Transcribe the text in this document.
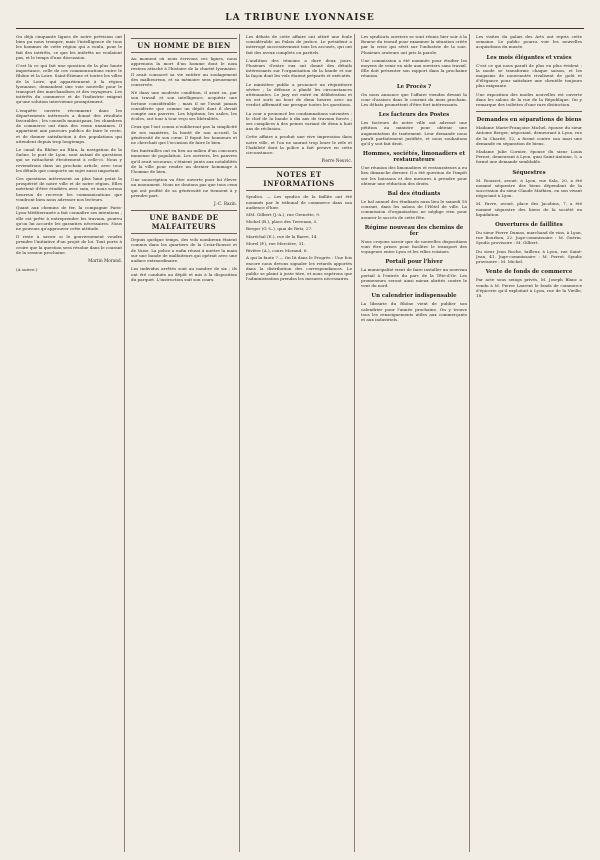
LA TRIBUNE LYONNAISE

Ou déjà cinquante lignes de notre prévision ont bien pu nous tromper, mais l'intelligence de tous les hommes de cette région qui a voulu, pour le fait des intérêts, ce que les intérêts ne voulaient pas, et le temps d'une discussion.

C'est là ce qui fait une question de la plus haute importance, celle de ces communications entre le Rhône et la Loire. Saint-Étienne et toutes les villes de la Loire, qui appartiennent à la région lyonnaise, demandent une voie nouvelle pour le transport des marchandises et des voyageurs. Les intérêts du commerce et de l'industrie exigent qu'une solution intervienne promptement.

L'enquête ouverte récemment dans les départements intéressés a donné des résultats favorables ; les conseils municipaux, les chambres de commerce ont émis des vœux unanimes. Il appartient aux pouvoirs publics de faire le reste, et de donner satisfaction à des populations qui attendent depuis trop longtemps.

Le canal du Rhône au Rhin, la navigation de la Saône, le port de Lyon, sont autant de questions qui se rattachent étroitement à celle-ci. Nous y reviendrons dans un prochain article, avec tous les détails que comporte un sujet aussi important.

Ces questions intéressent au plus haut point la prospérité de notre ville et de notre région. Elles méritent d'être étudiées avec soin, et nous serons heureux de recevoir les communications que voudront bien nous adresser nos lecteurs.

Quant aux chemins de fer, la compagnie Paris-Lyon-Méditerranée a fait connaître ses intentions ; elle est prête à entreprendre les travaux, pourvu qu'on lui accorde les garanties nécessaires. Nous ne pouvons qu'approuver cette attitude.

Il reste à savoir si le gouvernement voudra prendre l'initiative d'un projet de loi. Tout porte à croire que la question sera résolue dans le courant de la session prochaine.

Martin Morand.

(A suivre.)

UN HOMME DE BIEN

Au moment où nous écrivons ces lignes, nous apprenons la mort d'un homme dont le nom restera attaché à l'histoire de la charité lyonnaise. Il avait consacré sa vie entière au soulagement des malheureux, et sa mémoire sera pieusement conservée.

Né dans une modeste condition, il avait su, par son travail et son intelligence, acquérir une fortune considérable ; mais il ne l'avait jamais considérée que comme un dépôt dont il devait compte aux pauvres. Les hôpitaux, les asiles, les écoles, ont tour à tour reçu ses libéralités.

Ceux qui l'ont connu n'oublieront pas la simplicité de ses manières, la bonté de son accueil, la générosité de son cœur. Il fuyait les honneurs et ne cherchait que l'occasion de faire le bien.

Ses funérailles ont eu lieu au milieu d'un concours immense de population. Les ouvriers, les pauvres qu'il avait secourus, s'étaient joints aux notabilités de la ville pour rendre un dernier hommage à l'homme de bien.

Une souscription va être ouverte pour lui élever un monument. Nous ne doutons pas que tous ceux qui ont profité de sa générosité ne tiennent à y prendre part.

J.-C. Bazin.

UNE BANDE DE MALFAITEURS

Depuis quelque temps, des vols nombreux étaient commis dans les quartiers de la Croix-Rousse et de Vaise. La police a enfin réussi à mettre la main sur une bande de malfaiteurs qui opérait avec une audace extraordinaire.

Les individus arrêtés sont au nombre de six ; ils ont été conduits au dépôt et mis à la disposition du parquet. L'instruction suit son cours.

Les débats de cette affaire ont attiré une foule considérable au Palais de justice. Le président a interrogé successivement tous les accusés, qui ont fait des aveux complets ou partiels.

L'audition des témoins a duré deux jours. Plusieurs d'entre eux ont donné des détails intéressants sur l'organisation de la bande et sur la façon dont les vols étaient préparés et exécutés.

Le ministère public a prononcé un réquisitoire sévère ; la défense a plaidé les circonstances atténuantes. Le jury est entré en délibération et en est sorti au bout de deux heures avec un verdict affirmatif sur presque toutes les questions.

La cour a prononcé les condamnations suivantes : le chef de la bande à dix ans de travaux forcés ; ses complices à des peines variant de deux à huit ans de réclusion.

Cette affaire a produit une vive impression dans notre ville, et l'on ne saurait trop louer le zèle et l'habileté dont la police a fait preuve en cette circonstance.

Pierre Neuvic.

NOTES ET INFORMATIONS

Syndics. — Les syndics de la faillite ont été nommés par le tribunal de commerce dans son audience d'hier.

MM. Gilbert (J.-A.), rue Grenette, 9.

Michel (B.), place des Terreaux, 3.

Berger (G.-L.), quai de Retz, 27.

Maréchal (E.), rue de la Barre, 14.

Morel (P.), rue Mercière, 31.

Rivière (A.), cours Morand, 6.

A qui la faute ? — On lit dans le Progrès : Une fois encore nous devons signaler les retards apportés dans la distribution des correspondances. Le public se plaint à juste titre, et nous espérons que l'administration prendra les mesures nécessaires.

Les syndicats ouvriers se sont réunis hier soir à la Bourse du travail pour examiner la situation créée par la crise qui sévit sur l'industrie de la soie. Plusieurs orateurs ont pris la parole.

Une commission a été nommée pour étudier les moyens de venir en aide aux ouvriers sans travail. Elle doit présenter son rapport dans la prochaine réunion.

Le Procès ?

On nous annonce que l'affaire viendra devant la cour d'assises dans le courant du mois prochain. Les débats promettent d'être fort intéressants.

Les facteurs des Postes

Les facteurs de notre ville ont adressé une pétition au ministre pour obtenir une augmentation de traitement. Leur demande nous paraît parfaitement justifiée, et nous souhaitons qu'il y soit fait droit.

Hommes, sociétés, limonadiers et restaurateurs

Une réunion des limonadiers et restaurateurs a eu lieu dimanche dernier. Il a été question de l'impôt sur les boissons et des mesures à prendre pour obtenir une réduction des droits.

Bal des étudiants

Le bal annuel des étudiants aura lieu le samedi 18 courant, dans les salons de l'Hôtel de ville. La commission d'organisation ne néglige rien pour assurer le succès de cette fête.

Régime nouveau des chemins de fer

Nous croyons savoir que de nouvelles dispositions vont être prises pour faciliter le transport des voyageurs entre Lyon et les villes voisines.

Portail pour l'hiver

La municipalité vient de faire installer un nouveau portail à l'entrée du parc de la Tête-d'Or. Les promeneurs seront ainsi mieux abrités contre le vent du nord.

Un calendrier indispensable

La librairie du Rhône vient de publier son calendrier pour l'année prochaine. On y trouve tous les renseignements utiles aux commerçants et aux industriels.

Les visites du palais des Arts ont repris cette semaine. Le public pourra voir les nouvelles acquisitions du musée.

Les mois élégantes et vraies

C'est ce qui nous paraît de plus en plus évident ; la mode se transforme chaque saison, et les magasins de nouveautés rivalisent de goût et d'élégance pour satisfaire une clientèle toujours plus exigeante.

Une exposition des modes nouvelles est ouverte dans les salons de la rue de la République. On y remarque des toilettes d'une rare distinction.

Demandes en séparations de biens

Madame Marie-Françoise Michel, épouse du sieur Antoine Berger, négociant, demeurant à Lyon, rue de la Charité, 12, a formé contre son mari une demande en séparation de biens.

Madame Julie Cornier, épouse du sieur Louis Pernet, demeurant à Lyon, quai Saint-Antoine, 5, a formé une demande semblable.

Séquestres

M. Rousset, avoué, à Lyon, rue Sala, 20, a été nommé séquestre des biens dépendant de la succession du sieur Claude Mathieu, en son vivant négociant à Lyon.

M. Favre, avoué, place des Jacobins, 7, a été nommé séquestre des biens de la société en liquidation.

Ouvertures de faillites

Du sieur Pierre Dumas, marchand de vins, à Lyon, rue Bourbon, 22. Juge-commissaire : M. Guérin. Syndic provisoire : M. Gilbert.

Du sieur Jean Roche, tailleur, à Lyon, rue Saint-Jean, 41. Juge-commissaire : M. Perret. Syndic provisoire : M. Michel.

Vente de fonds de commerce

Par acte sous seings privés, M. Joseph Blanc a vendu à M. Pierre Laurent le fonds de commerce d'épicerie qu'il exploitait à Lyon, rue de la Vieille, 18.
